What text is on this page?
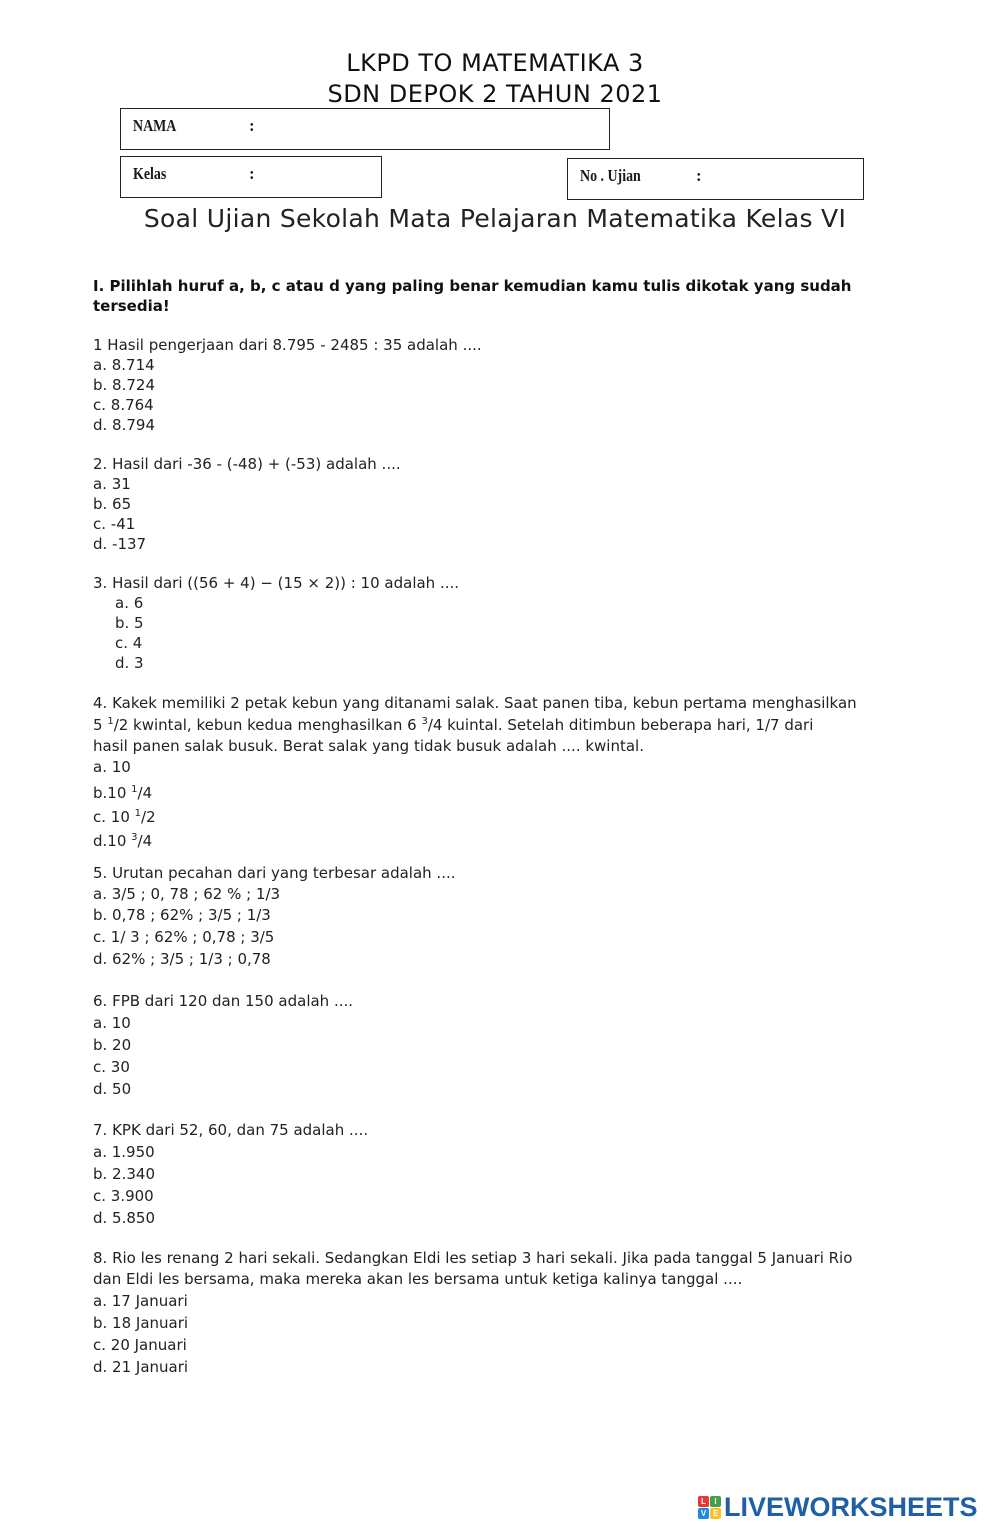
LKPD TO MATEMATIKA 3
SDN DEPOK 2 TAHUN 2021
NAMA	:
Kelas	:	No . Ujian	:
Soal Ujian Sekolah Mata Pelajaran Matematika Kelas VI
I. Pilihlah huruf a, b, c atau d yang paling benar kemudian kamu tulis dikotak yang sudah tersedia!
1 Hasil pengerjaan dari 8.795 - 2485 : 35 adalah ....
a. 8.714
b. 8.724
c. 8.764
d. 8.794
2. Hasil dari -36 - (-48) + (-53) adalah ....
a. 31
b. 65
c. -41
d. -137
3. Hasil dari ((56 + 4) − (15 × 2)) : 10 adalah ....
a. 6
b. 5
c. 4
d. 3
4. Kakek memiliki 2 petak kebun yang ditanami salak. Saat panen tiba, kebun pertama menghasilkan
5 $^1$/2 kwintal, kebun kedua menghasilkan 6 $^3$/4 kuintal. Setelah ditimbun beberapa hari, 1/7 dari
hasil panen salak busuk. Berat salak yang tidak busuk adalah .... kwintal.
a. 10
b.10 $^1$/4
c. 10 $^1$/2
d.10 $^3$/4
5. Urutan pecahan dari yang terbesar adalah ....
a. 3/5 ; 0, 78 ; 62 % ; 1/3
b. 0,78 ; 62% ; 3/5 ; 1/3
c. 1/ 3 ; 62% ; 0,78 ; 3/5
d. 62% ; 3/5 ; 1/3 ; 0,78
6. FPB dari 120 dan 150 adalah ....
a. 10
b. 20
c. 30
d. 50
7. KPK dari 52, 60, dan 75 adalah ....
a. 1.950
b. 2.340
c. 3.900
d. 5.850
8. Rio les renang 2 hari sekali. Sedangkan Eldi les setiap 3 hari sekali. Jika pada tanggal 5 Januari Rio
dan Eldi les bersama, maka mereka akan les bersama untuk ketiga kalinya tanggal ....
a. 17 Januari
b. 18 Januari
c. 20 Januari
d. 21 Januari
L	I
V E LIVEWORKSHEETS
